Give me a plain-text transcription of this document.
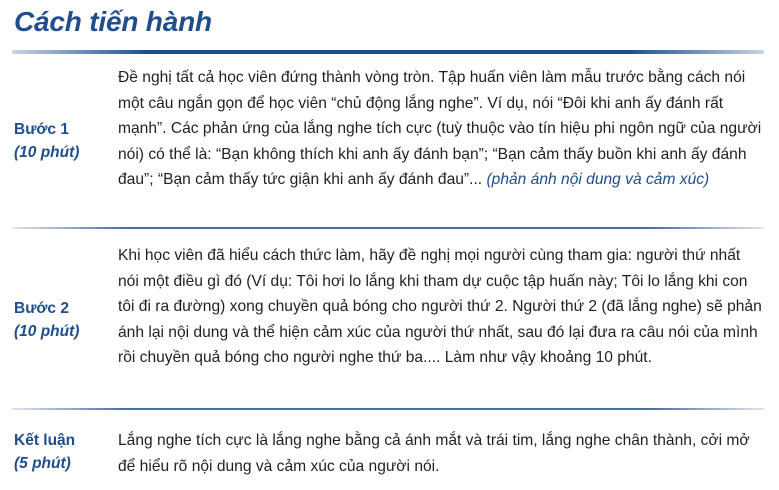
Cách tiến hành
Bước 1
(10 phút)
Đề nghị tất cả học viên đứng thành vòng tròn. Tập huấn viên làm mẫu trước bằng cách nói một câu ngắn gọn để học viên “chủ động lắng nghe”. Ví dụ, nói “Đôi khi anh ấy đánh rất mạnh”. Các phản ứng của lắng nghe tích cực (tuỳ thuộc vào tín hiệu phi ngôn ngữ của người nói) có thể là: “Bạn không thích khi anh ấy đánh bạn”; “Bạn cảm thấy buồn khi anh ấy đánh đau”; “Bạn cảm thấy tức giận khi anh ấy đánh đau”... (phản ánh nội dung và cảm xúc)
Bước 2
(10 phút)
Khi học viên đã hiểu cách thức làm, hãy đề nghị mọi người cùng tham gia: người thứ nhất nói một điều gì đó (Ví dụ: Tôi hơi lo lắng khi tham dự cuộc tập huấn này; Tôi lo lắng khi con tôi đi ra đường) xong chuyền quả bóng cho người thứ 2. Người thứ 2 (đã lắng nghe) sẽ phản ánh lại nội dung và thể hiện cảm xúc của người thứ nhất, sau đó lại đưa ra câu nói của mình rồi chuyền quả bóng cho người nghe thứ ba.... Làm như vậy khoảng 10 phút.
Kết luận
(5 phút)
Lắng nghe tích cực là lắng nghe bằng cả ánh mắt và trái tim, lắng nghe chân thành, cởi mở để hiểu rõ nội dung và cảm xúc của người nói.
